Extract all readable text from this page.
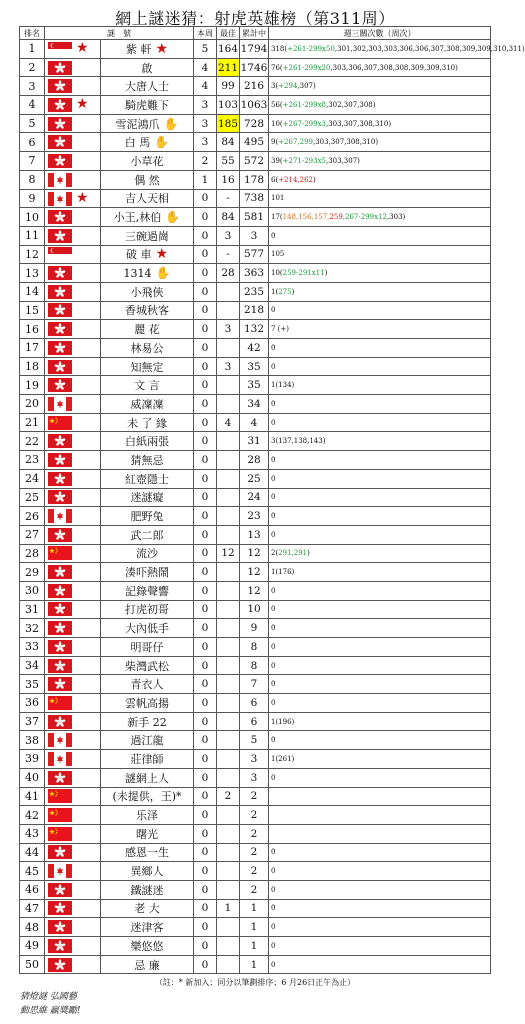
網上謎迷猜：射虎英雄榜（第311周）
排名	謎　號		本周	最佳	累計中	週三關次數（周次）
1	★	紫 軒 ★	5	164	1794	318(+261-299x50,301,302,303,303,306,306,307,308,309,309,310,311)
2		啟	4	211	1746	76(+261-299x20,303,306,307,308,308,309,309,310)
3		大唐人士	4	99	216	3(+294,307)
4	★	騎虎難下	3	103	1063	56(+261-299x8,302,307,308)
5		雪泥鴻爪 ✋	3	185	728	10(+267-299x3,303,307,308,310)
6		白 馬 ✋	3	84	495	9(+267,299,303,307,308,310)
7		小草花	2	55	572	39(+271-293x5,303,307)
8		偶 然	1	16	178	6(+214,262)
9	★	吉人天相	0	-	738	101
10		小王,林伯 ✋	0	84	581	17(148,156,157,259,267-299x12,303)
11		三碗過崗	0	3	3	0
12		破 車 ★	0	-	577	105
13		1314 ✋	0	28	363	10(259-291x11)
14		小飛俠	0		235	1(275)
15		香城秋客	0		218	0
16		麗 花	0	3	132	7 (+)
17		林易公	0		42	0
18		知無定	0	3	35	0
19		文 言	0		35	1(134)
20		威凜凜	0		34	0
21		未 了 緣	0	4	4	0
22		白紙兩張	0		31	3(137,138,143)
23		猜無忌	0		28	0
24		紅壺隱士	0		25	0
25		迷謎癡	0		24	0
26		肥野兔	0		23	0
27		武二郎	0		13	0
28		流沙	0	12	12	2(291,291)
29		湊吓熱鬧	0		12	1(176)
30		記錄聲響	0		12	0
31		打虎初哥	0		10	0
32		大內低手	0		9	0
33		明哥仔	0		8	0
34		柴灣武松	0		8	0
35		青衣人	0		7	0
36		雲帆高揚	0		6	0
37		新手 22	0		6	1(196)
38		過江龍	0		5	0
39		莊律師	0		3	1(261)
40		謎網上人	0		3	0
41		(未提供，王)*	0	2	2	
42		乐泽	0		2	
43		曙光	0		2	
44		感恩一生	0		2	0
45		異鄉人	0		2	0
46		鐵謎迷	0		2	0
47		老 大	0	1	1	0
48		迷津客	0		1	0
49		樂悠悠	0		1	0
50		忌 廉	0		1	0
（註：* 新加入；同分以筆劃排序；6 月26日正午為止）
猜燈謎 弘國藝
動思維 贏獎勵!
